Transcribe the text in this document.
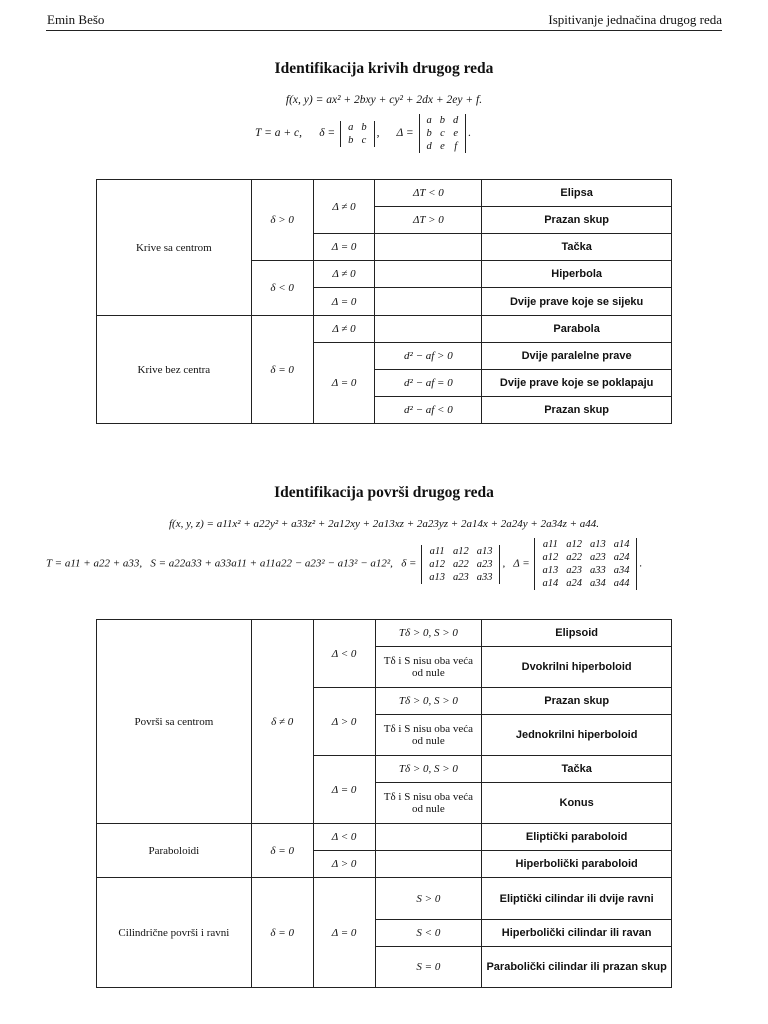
Emin Bešo	Ispitivanje jednačina drugog reda
Identifikacija krivih drugog reda
f(x, y) = ax² + 2bxy + cy² + 2dx + 2ey + f.
T = a + c, δ =
a	b
b	c
,      Δ =
a	b	d
b	c	e
d	e	f
.
Krive sa centrom	δ > 0	Δ ≠ 0	ΔT < 0	Elipsa
			ΔT > 0	Prazan skup
		Δ = 0		Tačka
	δ < 0	Δ ≠ 0		Hiperbola
		Δ = 0		Dvije prave koje se sijeku
Krive bez centra	δ = 0	Δ ≠ 0		Parabola
		Δ = 0	d² − af > 0	Dvije paralelne prave
			d² − af = 0	Dvije prave koje se poklapaju
			d² − af < 0	Prazan skup
Identifikacija površi drugog reda
f(x, y, z) = a11x² + a22y² + a33z² + 2a12xy + 2a13xz + 2a23yz + 2a14x + 2a24y + 2a34z + a44.
T = a11 + a22 + a33, S = a22a33 + a33a11 + a11a22 − a23² − a13² − a12², δ =
a11	a12	a13
a12	a22	a23
a13	a23	a33
,   Δ =
a11	a12	a13	a14
a12	a22	a23	a24
a13	a23	a33	a34
a14	a24	a34	a44
.
Površi sa centrom	δ ≠ 0	Δ < 0	Tδ > 0, S > 0	Elipsoid
			Tδ i S nisu oba veća od nule	Dvokrilni hiperboloid
		Δ > 0	Tδ > 0, S > 0	Prazan skup
			Tδ i S nisu oba veća od nule	Jednokrilni hiperboloid
		Δ = 0	Tδ > 0, S > 0	Tačka
			Tδ i S nisu oba veća od nule	Konus
Paraboloidi	δ = 0	Δ < 0		Eliptički paraboloid
		Δ > 0		Hiperbolički paraboloid
Cilindrične površi i ravni	δ = 0	Δ = 0	S > 0	Eliptički cilindar ili dvije ravni
			S < 0	Hiperbolički cilindar ili ravan
			S = 0	Parabolički cilindar ili prazan skup
